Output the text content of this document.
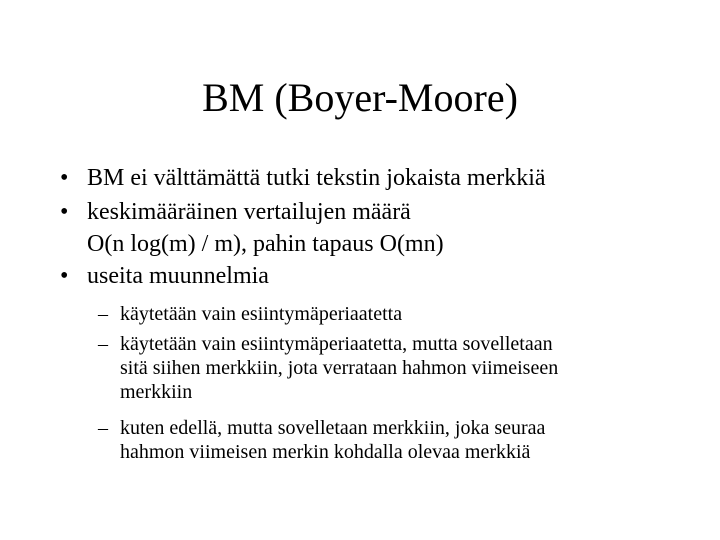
BM (Boyer-Moore)
• BM ei välttämättä tutki tekstin jokaista merkkiä
• keskimääräinen vertailujen määrä
O(n log(m) / m), pahin tapaus O(mn)
• useita muunnelmia
– käytetään vain esiintymäperiaatetta
– käytetään vain esiintymäperiaatetta, mutta sovelletaan
sitä siihen merkkiin, jota verrataan hahmon viimeiseen
merkkiin
– kuten edellä, mutta sovelletaan merkkiin, joka seuraa
hahmon viimeisen merkin kohdalla olevaa merkkiä
